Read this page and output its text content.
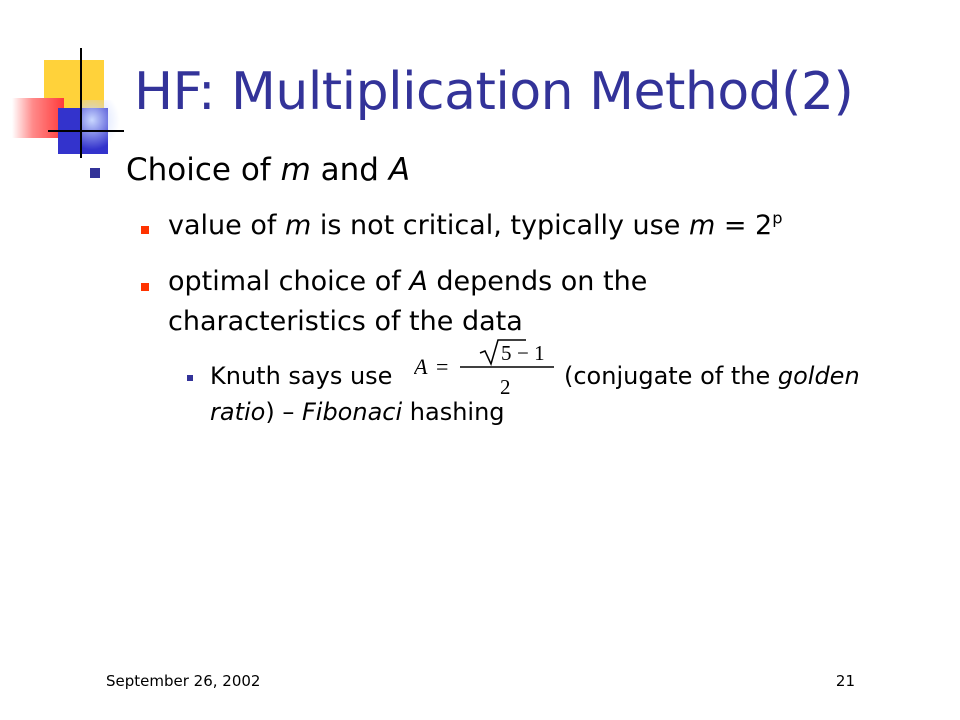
HF: Multiplication Method(2)
Choice of m and A
value of m is not critical, typically use $m = 2^p$
optimal choice of A depends on the
characteristics of the data
Knuth says use A =
5 − 1
2 (conjugate of the golden
ratio) – Fibonaci hashing
September 26, 2002	21
